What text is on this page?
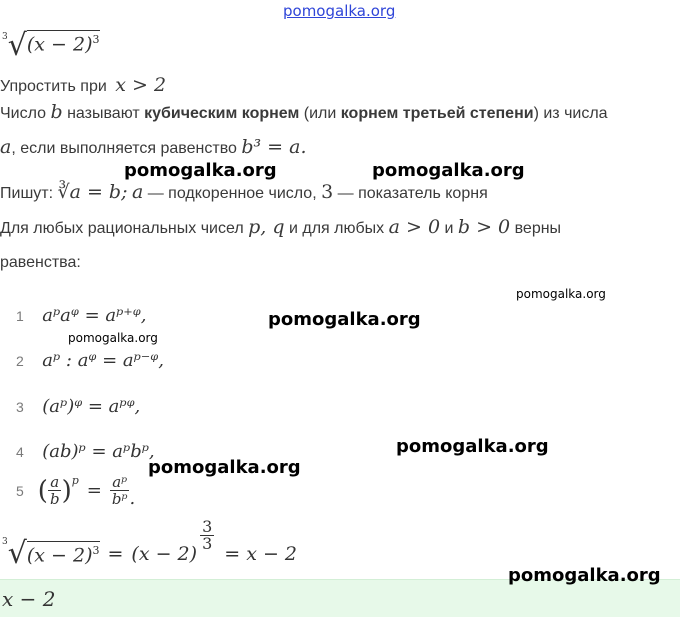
pomogalka.org
$^3√(x - 2)^3$
Упростить при x > 2
Число b называют кубическим корнем (или корнем третьей степени) из числа
a, если выполняется равенство b³ = a.
Пишут: ∛a = b; a — подкоренное число, 3 — показатель корня
Для любых рациональных чисел p, q и для любых a > 0 и b > 0 верны
равенства:
1 aᵖaᵠ = aᵖ⁺ᵠ,
2 aᵖ : aᵠ = aᵖ⁻ᵠ,
3 (aᵖ)ᵠ = aᵖᵠ,
4 (ab)ᵖ = aᵖbᵖ,
5 ( $\frac{a}{b} )^p = \frac{\text{aᵖ}}{\text{bᵖ}}$ .
3 √ $(x - 2)^3 = (x - 2)$
$\frac{3}{3}$
= x − 2
x − 2
pomogalka.org	pomogalka.org
pomogalka.org
pomogalka.org
pomogalka.org
pomogalka.org
pomogalka.org
pomogalka.org
